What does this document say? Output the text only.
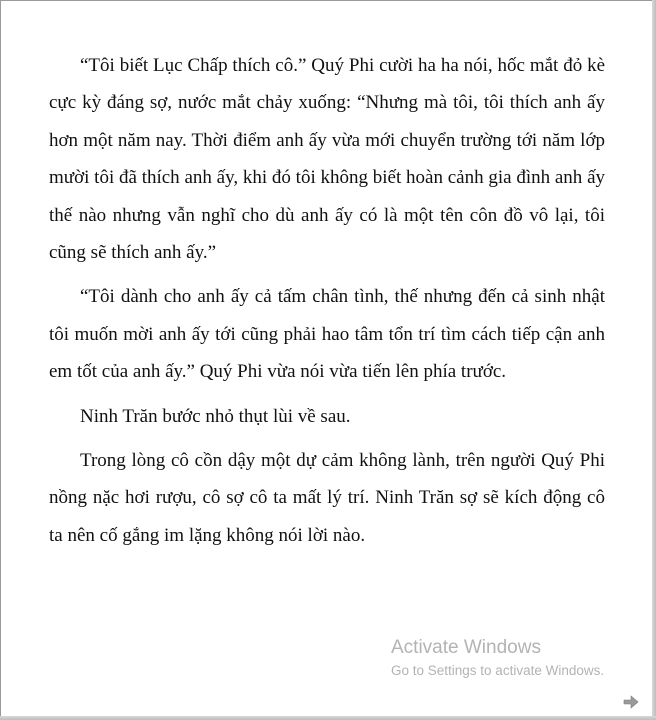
“Tôi biết Lục Chấp thích cô.” Quý Phi cười ha ha nói, hốc mắt đỏ kè cực kỳ đáng sợ, nước mắt chảy xuống: “Nhưng mà tôi, tôi thích anh ấy hơn một năm nay. Thời điểm anh ấy vừa mới chuyển trường tới năm lớp mười tôi đã thích anh ấy, khi đó tôi không biết hoàn cảnh gia đình anh ấy thế nào nhưng vẫn nghĩ cho dù anh ấy có là một tên côn đồ vô lại, tôi cũng sẽ thích anh ấy.”

“Tôi dành cho anh ấy cả tấm chân tình, thế nhưng đến cả sinh nhật tôi muốn mời anh ấy tới cũng phải hao tâm tổn trí tìm cách tiếp cận anh em tốt của anh ấy.” Quý Phi vừa nói vừa tiến lên phía trước.

Ninh Trăn bước nhỏ thụt lùi về sau.

Trong lòng cô cồn dậy một dự cảm không lành, trên người Quý Phi nồng nặc hơi rượu, cô sợ cô ta mất lý trí. Ninh Trăn sợ sẽ kích động cô ta nên cố gắng im lặng không nói lời nào.

Activate Windows
Go to Settings to activate Windows.
